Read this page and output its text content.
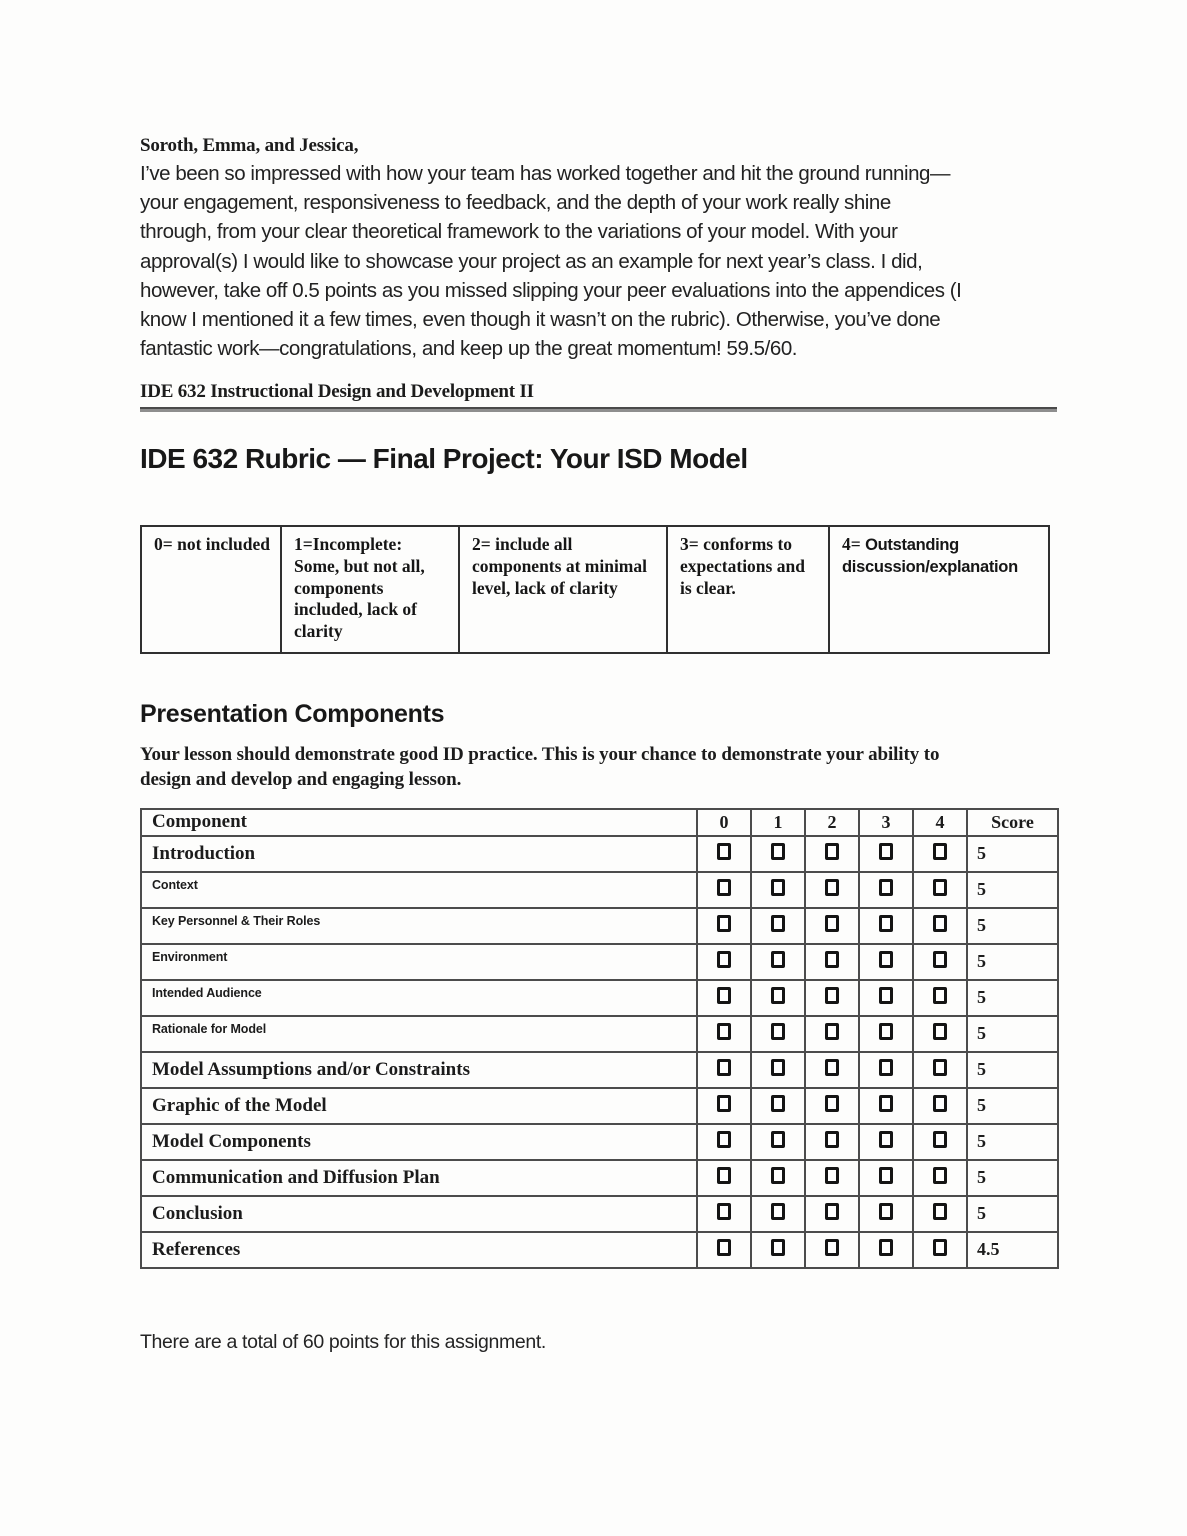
Soroth, Emma, and Jessica,

I’ve been so impressed with how your team has worked together and hit the ground running—
your engagement, responsiveness to feedback, and the depth of your work really shine
through, from your clear theoretical framework to the variations of your model. With your
approval(s) I would like to showcase your project as an example for next year’s class. I did,
however, take off 0.5 points as you missed slipping your peer evaluations into the appendices (I
know I mentioned it a few times, even though it wasn’t on the rubric). Otherwise, you’ve done
fantastic work—congratulations, and keep up the great momentum! 59.5/60.
IDE 632 Instructional Design and Development II
IDE 632 Rubric — Final Project: Your ISD Model
0= not included	1=Incomplete: Some, but not all, components included, lack of clarity	2= include all components at minimal level, lack of clarity	3= conforms to expectations and is clear.	4= Outstanding discussion/explanation
Presentation Components
Your lesson should demonstrate good ID practice. This is your chance to demonstrate your ability to
design and develop and engaging lesson.
Component	0	1	2	3	4	Score
Introduction						5
Context						5
Key Personnel & Their Roles						5
Environment						5
Intended Audience						5
Rationale for Model						5
Model Assumptions and/or Constraints						5
Graphic of the Model						5
Model Components						5
Communication and Diffusion Plan						5
Conclusion						5
References						4.5

There are a total of 60 points for this assignment.
